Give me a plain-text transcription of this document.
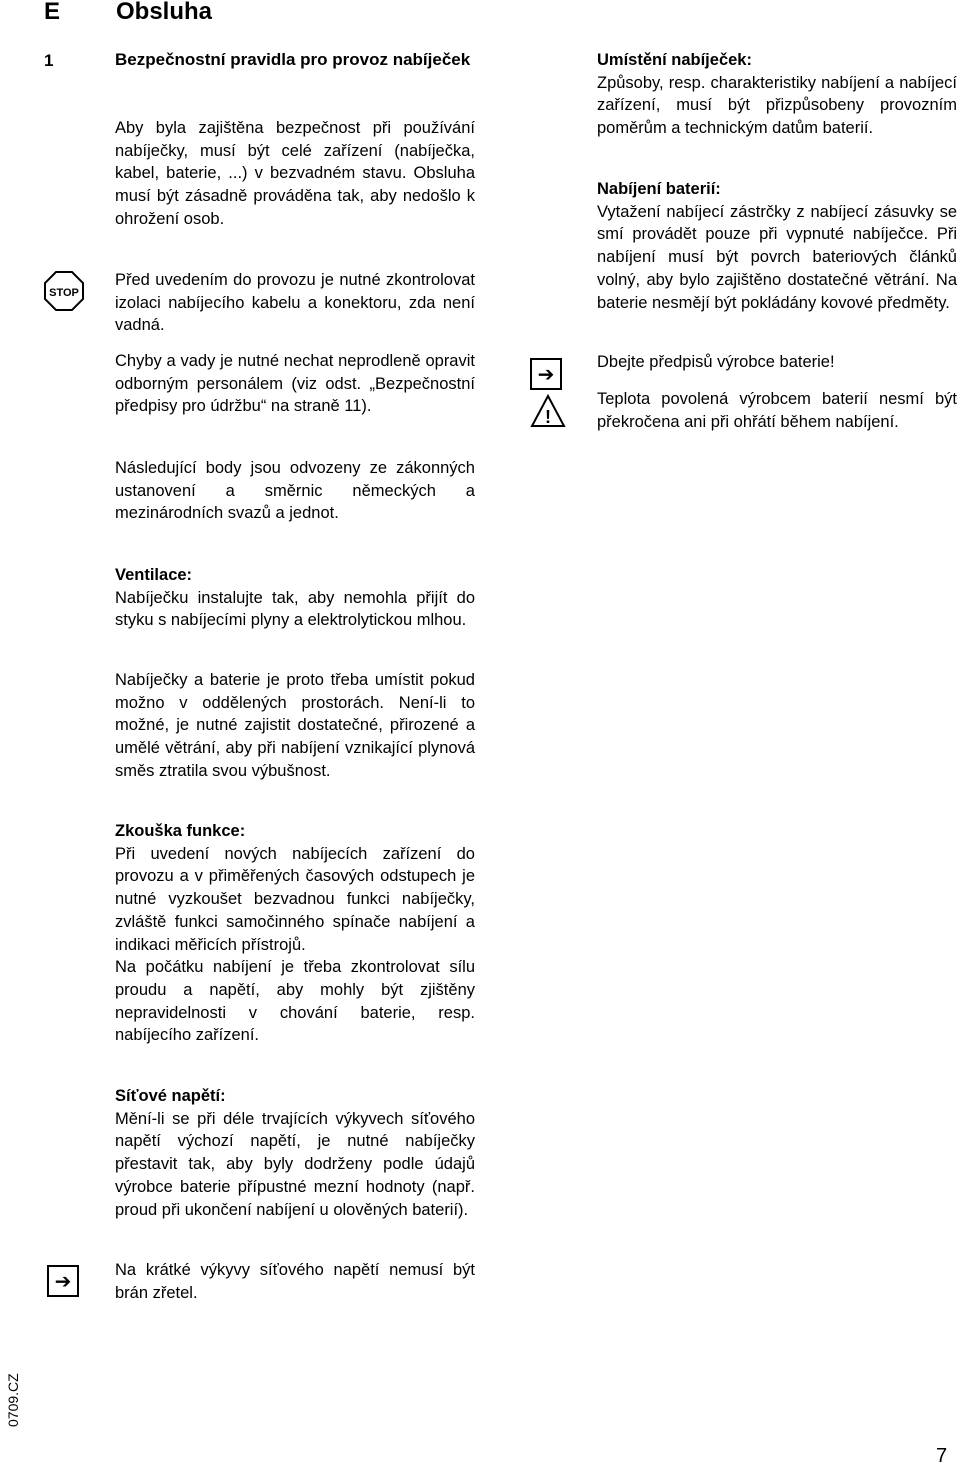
E Obsluha
1	Bezpečnostní pravidla pro provoz nabíječek
Aby byla zajištěna bezpečnost při používání nabíječky, musí být celé zařízení (nabíječka, kabel, baterie, ...) v bezvadném stavu. Obsluha musí být zásadně prováděna tak, aby nedošlo k ohrožení osob.
STOP
Před uvedením do provozu je nutné zkontrolovat izolaci nabíjecího kabelu a konektoru, zda není vadná.
Chyby a vady je nutné nechat neprodleně opravit odborným personálem (viz odst. „Bezpečnostní předpisy pro údržbu“ na straně 11).
Následující body jsou odvozeny ze zákonných ustanovení a směrnic německých a mezinárodních svazů a jednot.
Ventilace:
Nabíječku instalujte tak, aby nemohla přijít do styku s nabíjecími plyny a elektrolytickou mlhou.
Nabíječky a baterie je proto třeba umístit pokud možno v oddělených prostorách. Není-li to možné, je nutné zajistit dostatečné, přirozené a umělé větrání, aby při nabíjení vznikající plynová směs ztratila svou výbušnost.
Zkouška funkce:
Při uvedení nových nabíjecích zařízení do provozu a v přiměřených časových odstupech je nutné vyzkoušet bezvadnou funkci nabíječky, zvláště funkci samočinného spínače nabíjení a indikaci měřicích přístrojů.
Na počátku nabíjení je třeba zkontrolovat sílu proudu a napětí, aby mohly být zjištěny nepravidelnosti v chování baterie, resp. nabíjecího zařízení.
Síťové napětí:
Mění-li se při déle trvajících výkyvech síťového napětí výchozí napětí, je nutné nabíječky přestavit tak, aby byly dodrženy podle údajů výrobce baterie přípustné mezní hodnoty (např. proud při ukončení nabíjení u olověných baterií).
➔	Na krátké výkyvy síťového napětí nemusí být brán zřetel.
Umístění nabíječek:
Způsoby, resp. charakteristiky nabíjení a nabíjecí zařízení, musí být přizpůsobeny provozním poměrům a technickým datům baterií.
Nabíjení baterií:
Vytažení nabíjecí zástrčky z nabíjecí zásuvky se smí provádět pouze při vypnuté nabíječce. Při nabíjení musí být povrch bateriových článků volný, aby bylo zajištěno dostatečné větrání. Na baterie nesmějí být pokládány kovové předměty.
➔
!
Dbejte předpisů výrobce baterie!
Teplota povolená výrobcem baterií nesmí být překročena ani při ohřátí během nabíjení.
0709.CZ
7
